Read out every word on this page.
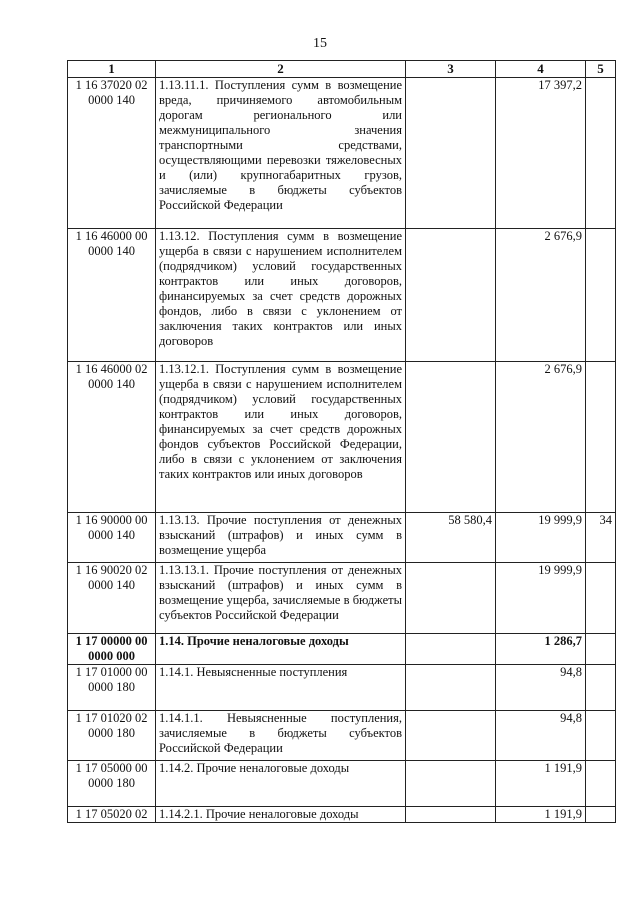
15
1	2	3	4	5

1 16 37020 02
0000 140	1.13.11.1. Поступления сумм в возмещение вреда, причиняемого автомобильным дорогам регионального или межмуниципального значения транспортными средствами, осуществляющими перевозки тяжеловесных и (или) крупногабаритных грузов, зачисляемые в бюджеты субъектов Российской Федерации		17 397,2	

1 16 46000 00
0000 140	1.13.12. Поступления сумм в возмещение ущерба в связи с нарушением исполнителем (подрядчиком) условий государственных контрактов или иных договоров, финансируемых за счет средств дорожных фондов, либо в связи с уклонением от заключения таких контрактов или иных договоров		2 676,9	

1 16 46000 02
0000 140	1.13.12.1. Поступления сумм в возмещение ущерба в связи с нарушением исполнителем (подрядчиком) условий государственных контрактов или иных договоров, финансируемых за счет средств дорожных фондов субъектов Российской Федерации, либо в связи с уклонением от заключения таких контрактов или иных договоров		2 676,9	

1 16 90000 00
0000 140	1.13.13. Прочие поступления от денежных взысканий (штрафов) и иных сумм в возмещение ущерба	58 580,4	19 999,9	34

1 16 90020 02
0000 140	1.13.13.1. Прочие поступления от денежных взысканий (штрафов) и иных сумм в возмещение ущерба, зачисляемые в бюджеты субъектов Российской Федерации		19 999,9	

1 17 00000 00
0000 000	1.14. Прочие неналоговые доходы		1 286,7	

1 17 01000 00
0000 180	1.14.1. Невыясненные поступления		94,8	

1 17 01020 02
0000 180	1.14.1.1. Невыясненные поступления, зачисляемые в бюджеты субъектов Российской Федерации		94,8	

1 17 05000 00
0000 180	1.14.2. Прочие неналоговые доходы		1 191,9	

1 17 05020 02	1.14.2.1. Прочие неналоговые доходы		1 191,9	
